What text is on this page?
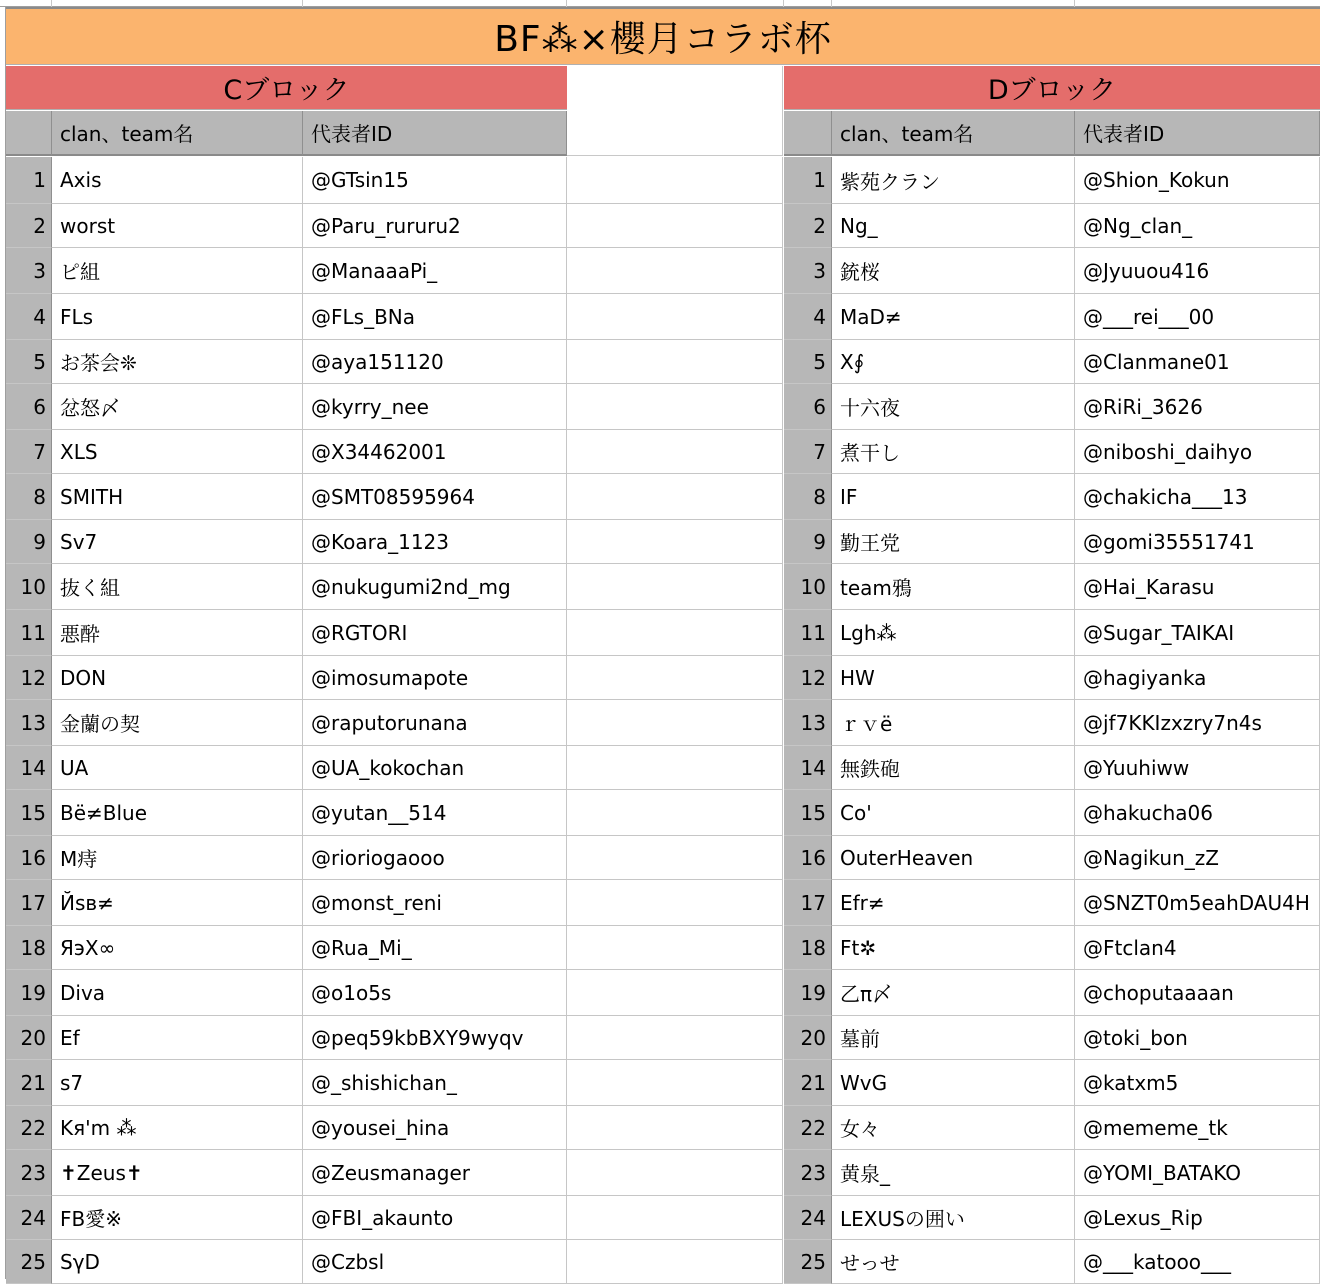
BF⁂×櫻月コラボ杯
Cブロック	Dブロック
clan、team名	代表者ID	clan、team名	代表者ID
1 Axis	@GTsin15
2 worst	@Paru_rururu2
3 ピ組	@ManaaaPi_
4 FLs	@FLs_BNa
5 お茶会❊	@aya151120
6 忿怒〆	@kyrry_nee
7 XLS	@X34462001
8 SMITH	@SMT08595964
9 Sv7	@Koara_1123
10 抜く組	@nukugumi2nd_mg
11 悪酔	@RGTORI
12 DON	@imosumapote
13 金蘭の契	@raputorunana
14 UA	@UA_kokochan
15 Bë≠Blue	@yutan__514
16 M痔	@rioriogaooo
17 Йsв≠	@monst_reni
18 ЯэX∞	@Rua_Mi_
19 Diva	@o1o5s
20 Ef	@peq59kbBXY9wyqv
21 s7	@_shishichan_
22 Kя'm ⁂	@yousei_hina
23 ✝Zeus✝	@Zeusmanager
24 FB愛※	@FBI_akaunto
25 SγD	@Czbsl
1 紫苑クラン	@Shion_Kokun
2 Ng_	@Ng_clan_
3 銃桜	@Jyuuou416
4 MaD≠	@___rei___00
5 X∮	@Clanmane01
6 十六夜	@RiRi_3626
7 煮干し	@niboshi_daihyo
8 IF	@chakicha___13
9 勤王党	@gomi35551741
10 team鴉	@Hai_Karasu
11 Lgh⁂	@Sugar_TAIKAI
12 HW	@hagiyanka
13 ｒｖë	@jf7KKIzxzry7n4s
14 無鉄砲	@Yuuhiww
15 Co'	@hakucha06
16 OuterHeaven	@Nagikun_zZ
17 Efr≠	@SNZT0m5eahDAU4H
18 Ft✲	@Ftclan4
19 乙π〆	@choputaaaan
20 墓前	@toki_bon
21 WvG	@katxm5
22 女々	@mememe_tk
23 黄泉_	@YOMI_BATAKO
24 LEXUSの囲い	@Lexus_Rip
25 せっせ	@___katooo___
